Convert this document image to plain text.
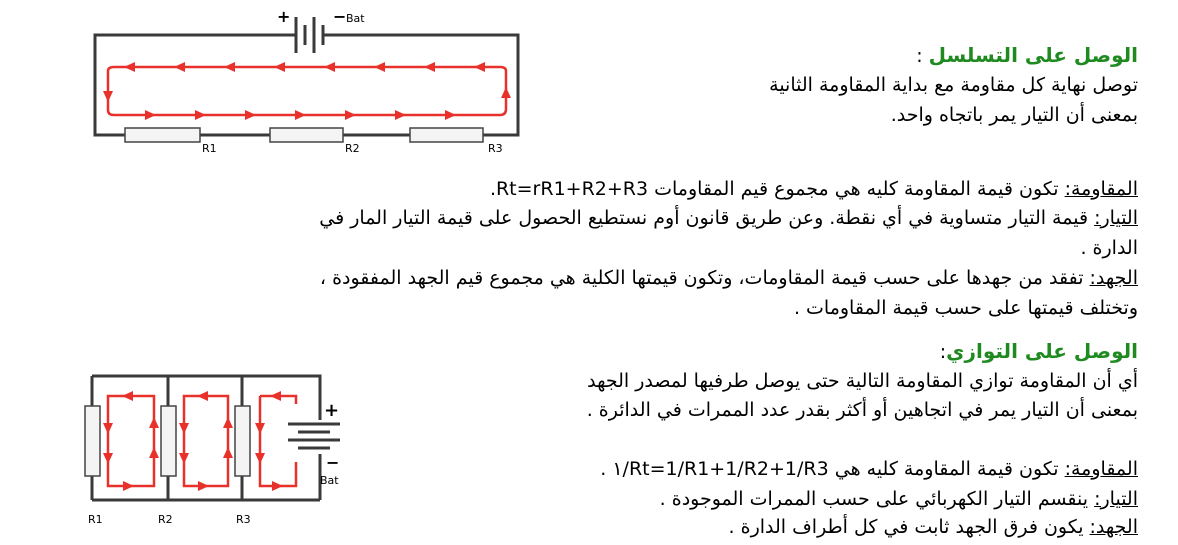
+	− Bat
R1	R2	R3
الوصل على التسلسل :
توصل نهاية كل مقاومة مع بداية المقاومة الثانية
بمعنى أن التيار يمر باتجاه واحد.
المقاومة: تكون قيمة المقاومة كليه هي مجموع قيم المقاومات Rt=rR1+R2+R3.
التيار: قيمة التيار متساوية في أي نقطة. وعن طريق قانون أوم نستطيع الحصول على قيمة التيار المار في
الدارة .
الجهد: تفقد من جهدها على حسب قيمة المقاومات، وتكون قيمتها الكلية هي مجموع قيم الجهد المفقودة ،
وتختلف قيمتها على حسب قيمة المقاومات .
+
−
Bat
R1	R2	R3
الوصل على التوازي:
أي أن المقاومة توازي المقاومة التالية حتى يوصل طرفيها لمصدر الجهد
بمعنى أن التيار يمر في اتجاهين أو أكثر بقدر عدد الممرات في الدائرة .
المقاومة: تكون قيمة المقاومة كليه هي Rt=1/R1+1/R2+1/R3/١ .
التيار: ينقسم التيار الكهربائي على حسب الممرات الموجودة .
الجهد: يكون فرق الجهد ثابت في كل أطراف الدارة .
